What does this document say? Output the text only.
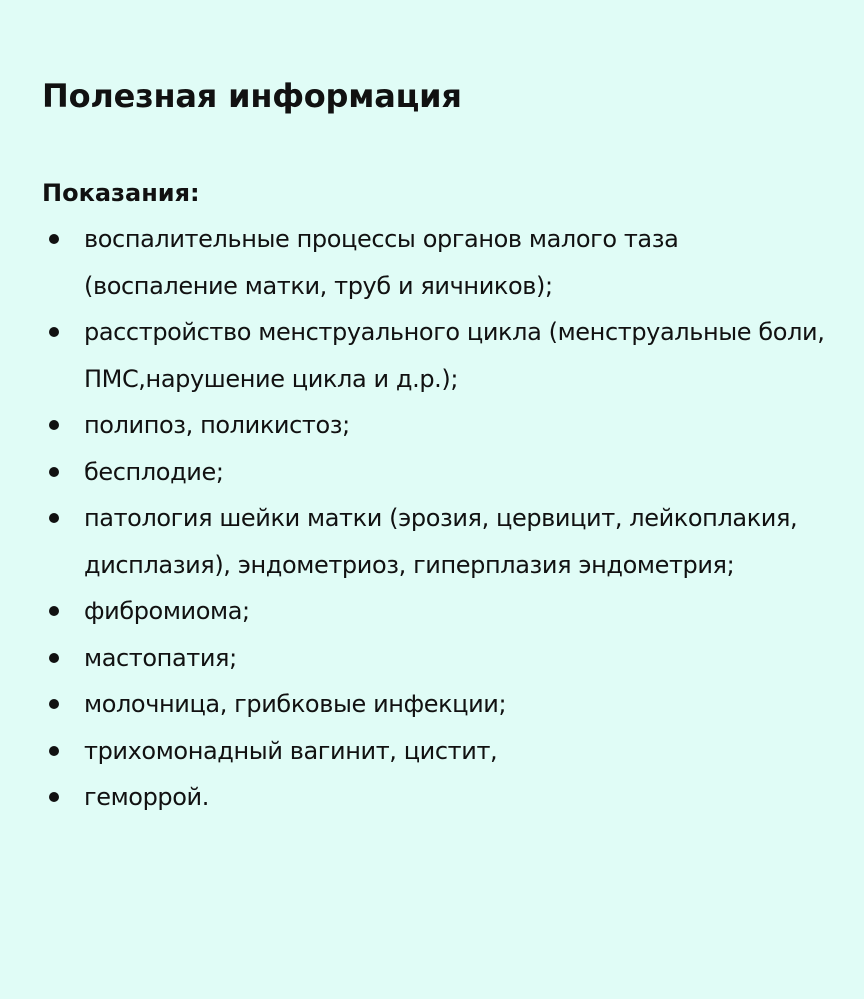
Полезная информация
Показания:
воспалительные процессы органов малого таза (воспаление матки, труб и яичников);
расстройство менструального цикла (менструальные боли, ПМС,нарушение цикла и д.р.);
полипоз, поликистоз;
бесплодие;
патология шейки матки (эрозия, цервицит, лейкоплакия, дисплазия), эндометриоз, гиперплазия эндометрия;
фибромиома;
мастопатия;
молочница, грибковые инфекции;
трихомонадный вагинит, цистит,
геморрой.
